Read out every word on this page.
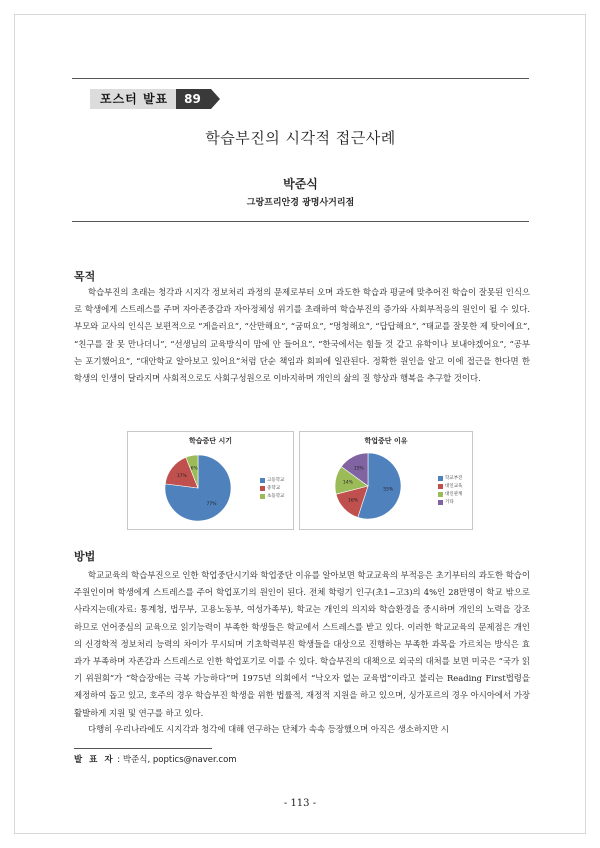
포스터 발표	89
학습부진의 시각적 접근사례
박준식
그랑프리안경 광명사거리점
목적

학습부진의 초래는 청각과 시지각 정보처리 과정의 문제로부터 오며 과도한 학습과 평균에 맞추어진 학습이 잘못된 인식으로 학생에게 스트레스를 주며 자아존중감과 자아정체성 위기를 초래하여 학습부진의 증가와 사회부적응의 원인이 될 수 있다. 부모와 교사의 인식은 보편적으로 “게을러요”, “산만해요”, “굼떠요”, “멍청해요”, “답답해요”, “태교를 잘못한 제 탓이에요”, “친구를 잘 못 만나더니”, “선생님의 교육방식이 맘에 안 들어요”, “한국에서는 힘들 것 같고 유학이나 보내야겠어요”, “공부는 포기했어요”, “대안학교 알아보고 있어요”처럼 단순 책임과 회피에 일관된다. 정확한 원인을 알고 이에 접근을 한다면 한 학생의 인생이 달라지며 사회적으로도 사회구성원으로 이바지하며 개인의 삶의 질 향상과 행복을 추구할 것이다.

학습중단 시기
77%
17%
6%
고등학교
중학교
초등학교
학업중단 이유
55%
16%
14%
15%
학교부진
대인교육
대인관계
기타
방법

학교교육의 학습부진으로 인한 학업중단시기와 학업중단 이유를 알아보면 학교교육의 부적응은 초기부터의 과도한 학습이 주원인이며 학생에게 스트레스를 주어 학업포기의 원인이 된다. 전체 학령기 인구(초1~고3)의 4%인 28만명이 학교 밖으로 사라지는데(자료: 통계청, 법무부, 고용노동부, 여성가족부), 학교는 개인의 의지와 학습환경을 중시하며 개인의 노력을 강조하므로 언어중심의 교육으로 읽기능력이 부족한 학생들은 학교에서 스트레스를 받고 있다. 이러한 학교교육의 문제점은 개인의 신경학적 정보처리 능력의 차이가 무시되며 기초학력부진 학생들을 대상으로 진행하는 부족한 과목을 가르치는 방식은 효과가 부족하며 자존감과 스트레스로 인한 학업포기로 이를 수 있다. 학습부진의 대책으로 외국의 대처를 보면 미국은 “국가 읽기 위원회”가 “학습장애는 극복 가능하다”며 1975년 의회에서 “낙오자 없는 교육법”이라고 불리는 Reading First법령을 제정하여 돕고 있고, 호주의 경우 학습부진 학생을 위한 법률적, 재정적 지원을 하고 있으며, 싱가포르의 경우 아시아에서 가장 활발하게 지원 및 연구를 하고 있다.

다행히 우리나라에도 시지각과 청각에 대해 연구하는 단체가 속속 등장했으며 아직은 생소하지만 시

발 표 자 : 박준식, poptics@naver.com
- 113 -
